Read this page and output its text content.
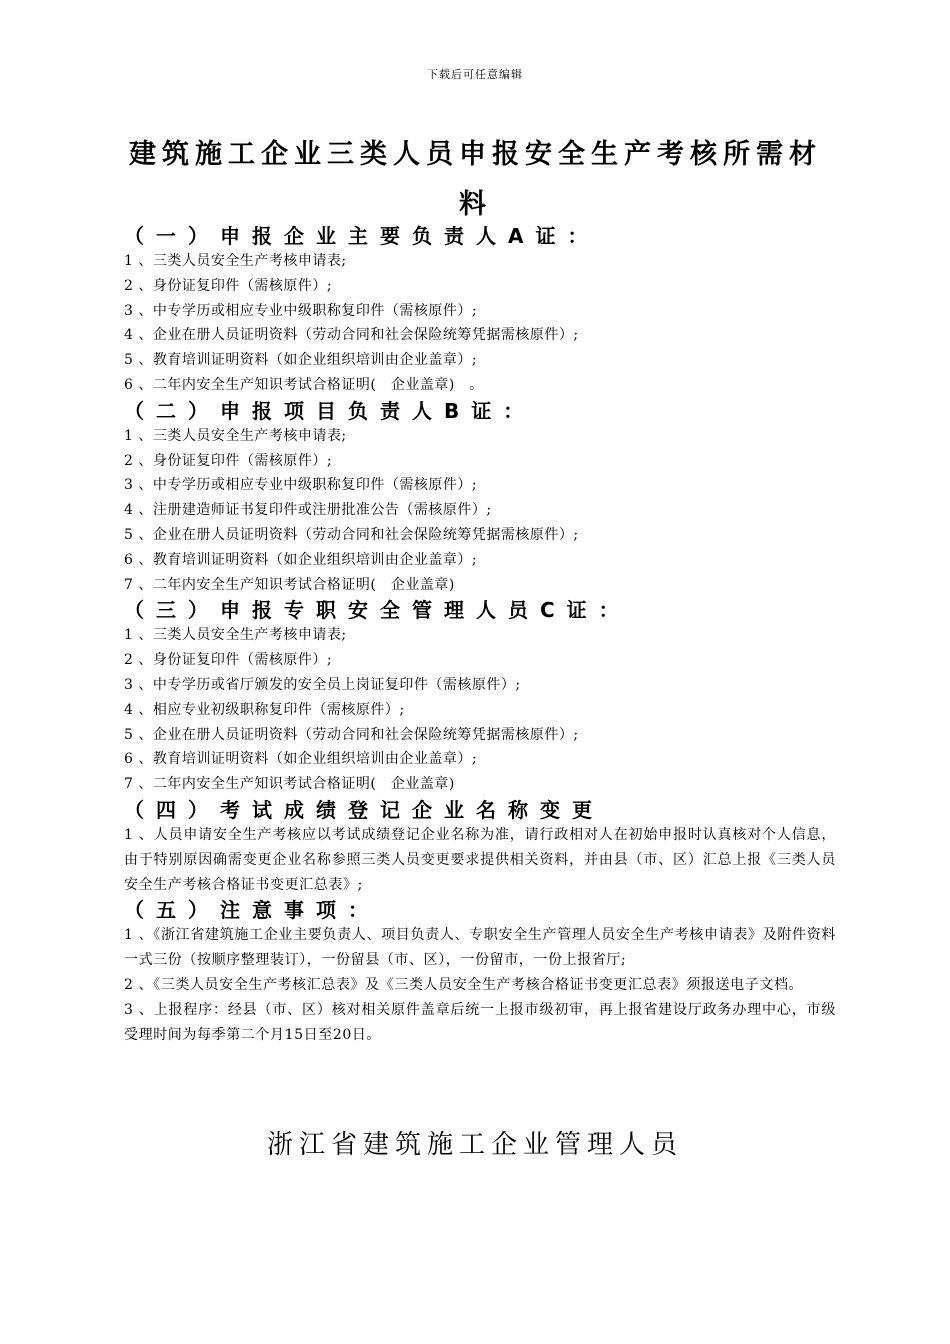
下载后可任意编辑
建筑施工企业三类人员申报安全生产考核所需材料
（一）申报企业主要负责人A证：
1 、三类人员安全生产考核申请表;
2 、身份证复印件（需核原件）;
3 、中专学历或相应专业中级职称复印件（需核原件）;
4 、企业在册人员证明资料（劳动合同和社会保险统筹凭据需核原件）;
5 、教育培训证明资料（如企业组织培训由企业盖章）;
6 、二年内安全生产知识考试合格证明(　企业盖章)　。
（二）申报项目负责人B证：
1 、三类人员安全生产考核申请表;
2 、身份证复印件（需核原件）;
3 、中专学历或相应专业中级职称复印件（需核原件）;
4 、注册建造师证书复印件或注册批准公告（需核原件）;
5 、企业在册人员证明资料（劳动合同和社会保险统筹凭据需核原件）;
6 、教育培训证明资料（如企业组织培训由企业盖章）;
7 、二年内安全生产知识考试合格证明(　企业盖章)
（三）申报专职安全管理人员C证：
1 、三类人员安全生产考核申请表;
2 、身份证复印件（需核原件）;
3 、中专学历或省厅颁发的安全员上岗证复印件（需核原件）;
4 、相应专业初级职称复印件（需核原件）;
5 、企业在册人员证明资料（劳动合同和社会保险统筹凭据需核原件）;
6 、教育培训证明资料（如企业组织培训由企业盖章）;
7 、二年内安全生产知识考试合格证明(　企业盖章)
（四）考试成绩登记企业名称变更
1 、人员申请安全生产考核应以考试成绩登记企业名称为准，请行政相对人在初始申报时认真核对个人信息，由于特别原因确需变更企业名称参照三类人员变更要求提供相关资料，并由县（市、区）汇总上报《三类人员安全生产考核合格证书变更汇总表》;
（五）注意事项：
1 、《浙江省建筑施工企业主要负责人、项目负责人、专职安全生产管理人员安全生产考核申请表》及附件资料一式三份（按顺序整理装订），一份留县（市、区），一份留市，一份上报省厅;
2 、《三类人员安全生产考核汇总表》及《三类人员安全生产考核合格证书变更汇总表》须报送电子文档。
3 、上报程序：经县（市、区）核对相关原件盖章后统一上报市级初审，再上报省建设厅政务办理中心，市级受理时间为每季第二个月15日至20日。
浙江省建筑施工企业管理人员
